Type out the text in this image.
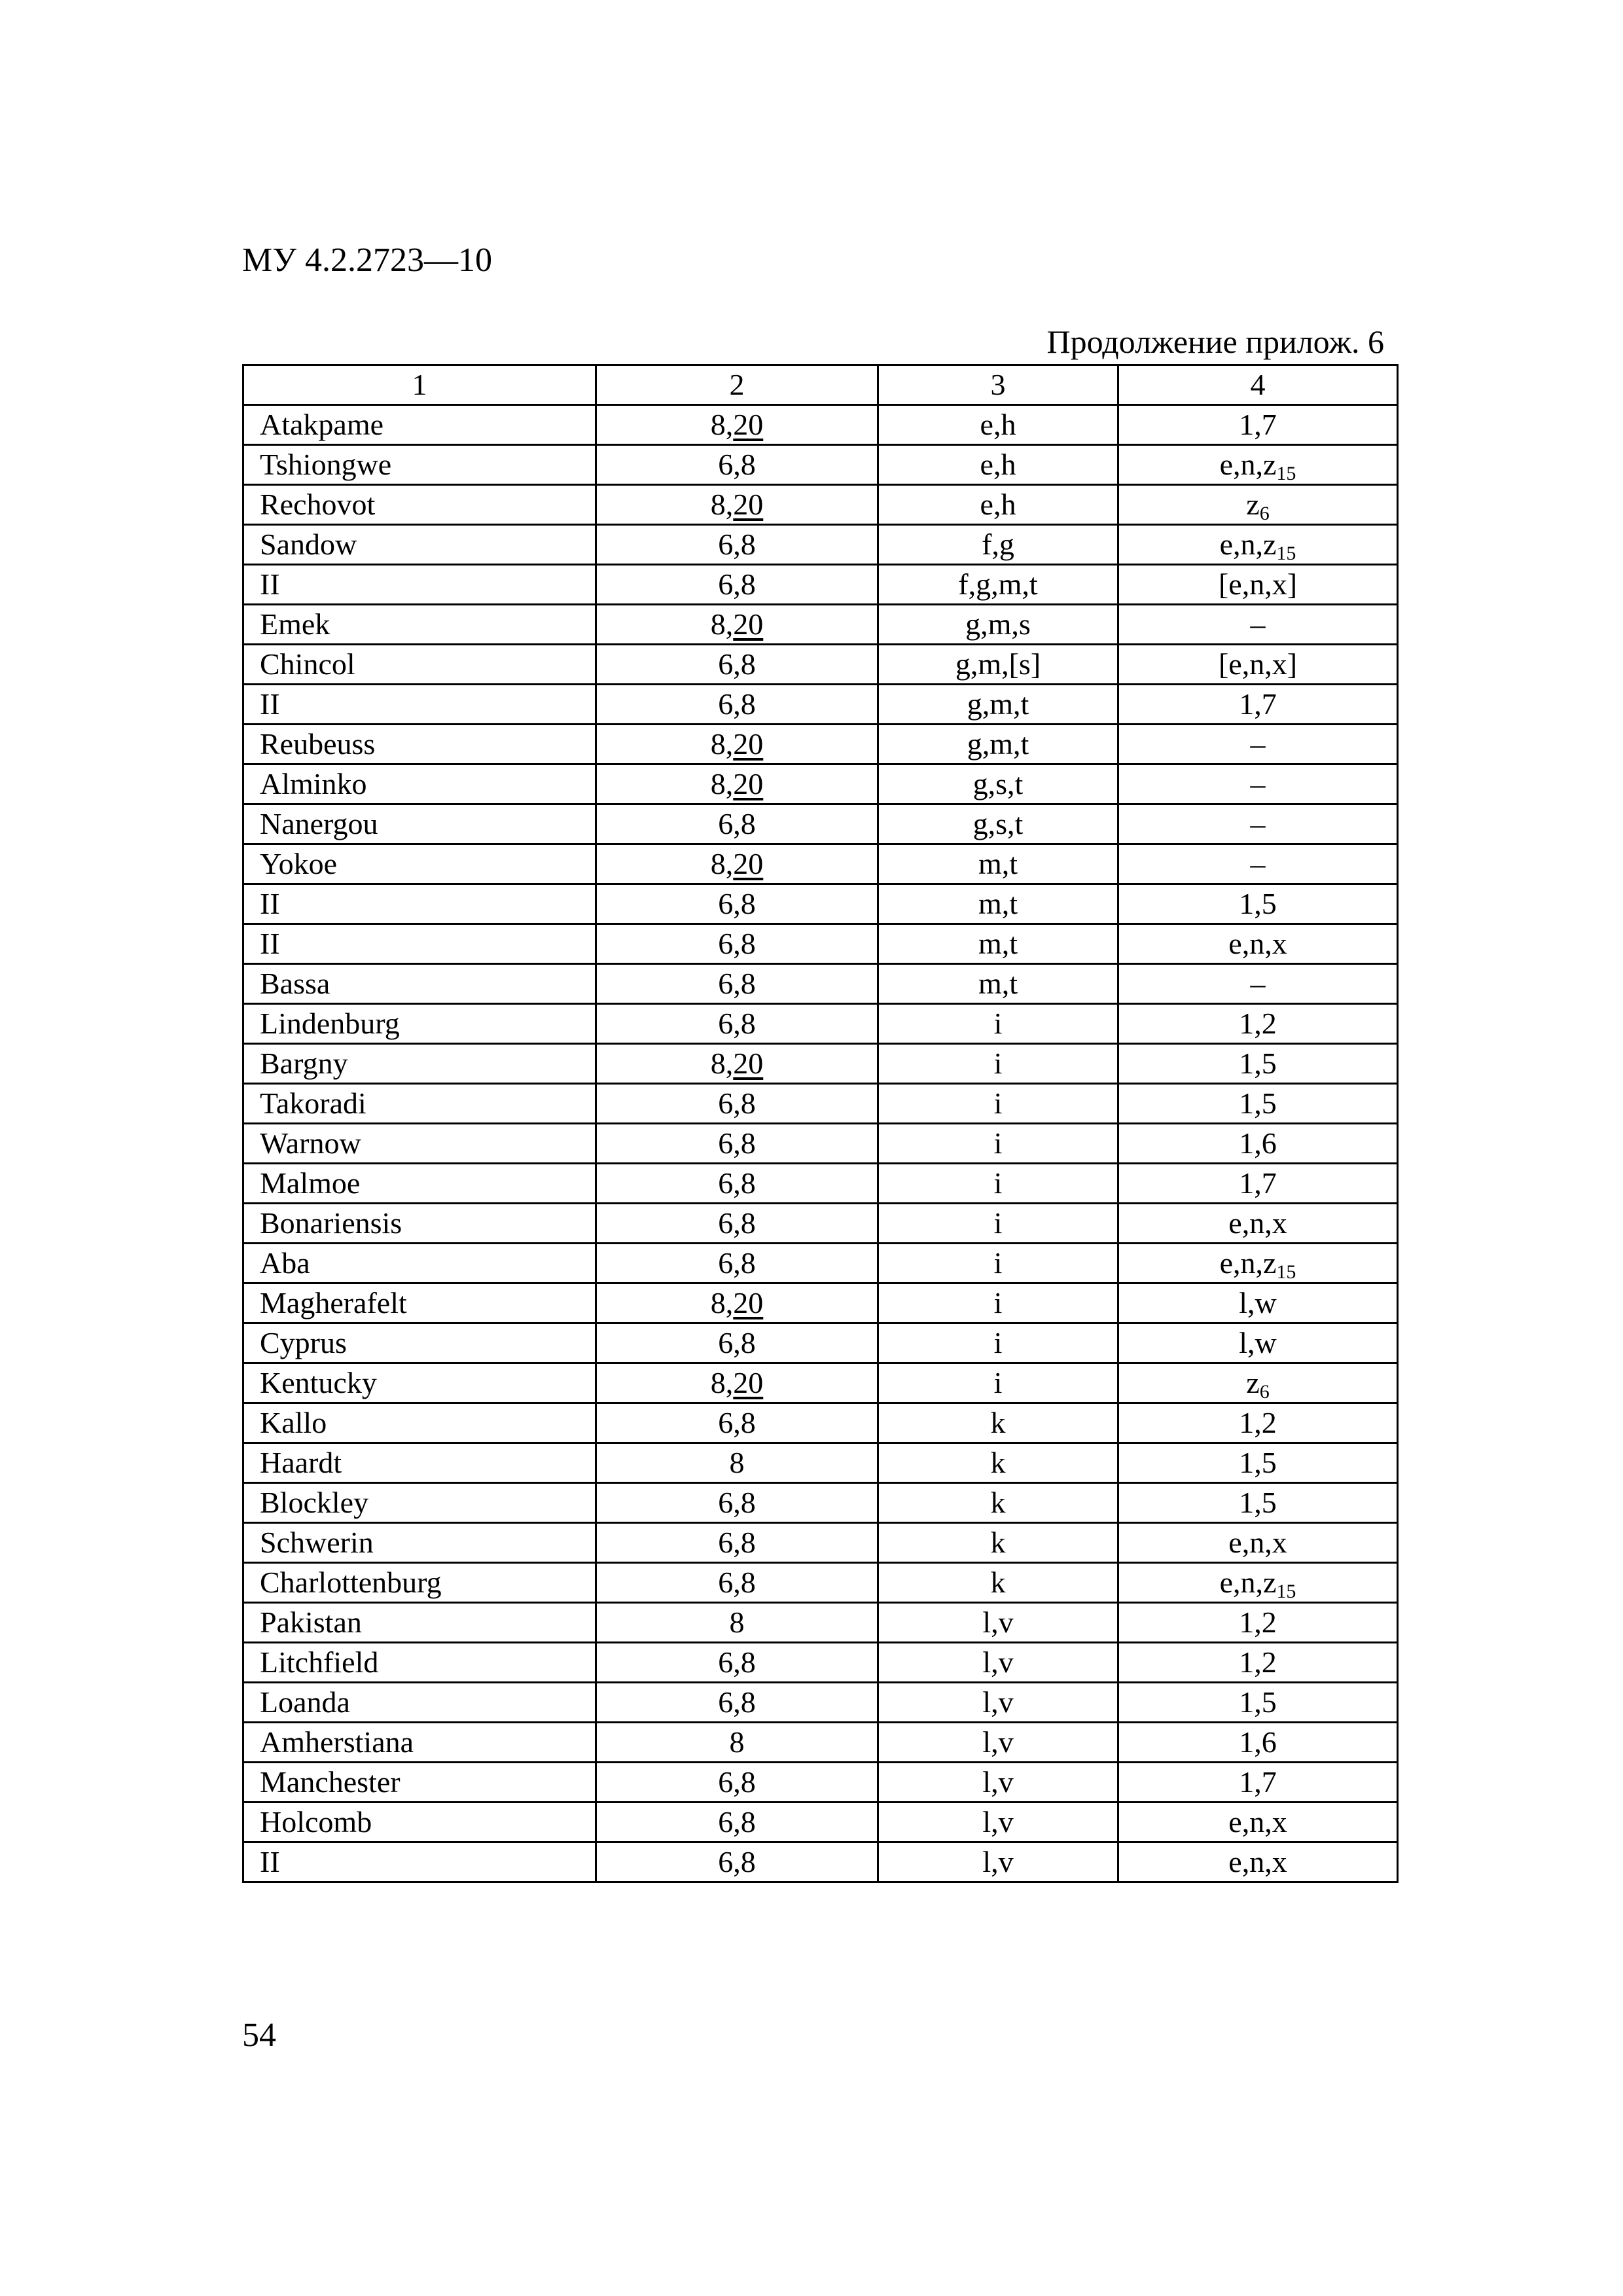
МУ 4.2.2723—10
Продолжение прилож. 6
1	2	3	4
Atakpame	8,20	e,h	1,7
Tshiongwe	6,8	e,h	$e,n,z_{15}$
Rechovot	8,20	e,h	$z_6$
Sandow	6,8	f,g	$e,n,z_{15}$
II	6,8	f,g,m,t	[e,n,x]
Emek	8,20	g,m,s	–
Chincol	6,8	g,m,[s]	[e,n,x]
II	6,8	g,m,t	1,7
Reubeuss	8,20	g,m,t	–
Alminko	8,20	g,s,t	–
Nanergou	6,8	g,s,t	–
Yokoe	8,20	m,t	–
II	6,8	m,t	1,5
II	6,8	m,t	e,n,x
Bassa	6,8	m,t	–
Lindenburg	6,8	i	1,2
Bargny	8,20	i	1,5
Takoradi	6,8	i	1,5
Warnow	6,8	i	1,6
Malmoe	6,8	i	1,7
Bonariensis	6,8	i	e,n,x
Aba	6,8	i	$e,n,z_{15}$
Magherafelt	8,20	i	l,w
Cyprus	6,8	i	l,w
Kentucky	8,20	i	$z_6$
Kallo	6,8	k	1,2
Haardt	8	k	1,5
Blockley	6,8	k	1,5
Schwerin	6,8	k	e,n,x
Charlottenburg	6,8	k	$e,n,z_{15}$
Pakistan	8	l,v	1,2
Litchfield	6,8	l,v	1,2
Loanda	6,8	l,v	1,5
Amherstiana	8	l,v	1,6
Manchester	6,8	l,v	1,7
Holcomb	6,8	l,v	e,n,x
II	6,8	l,v	e,n,x
54
